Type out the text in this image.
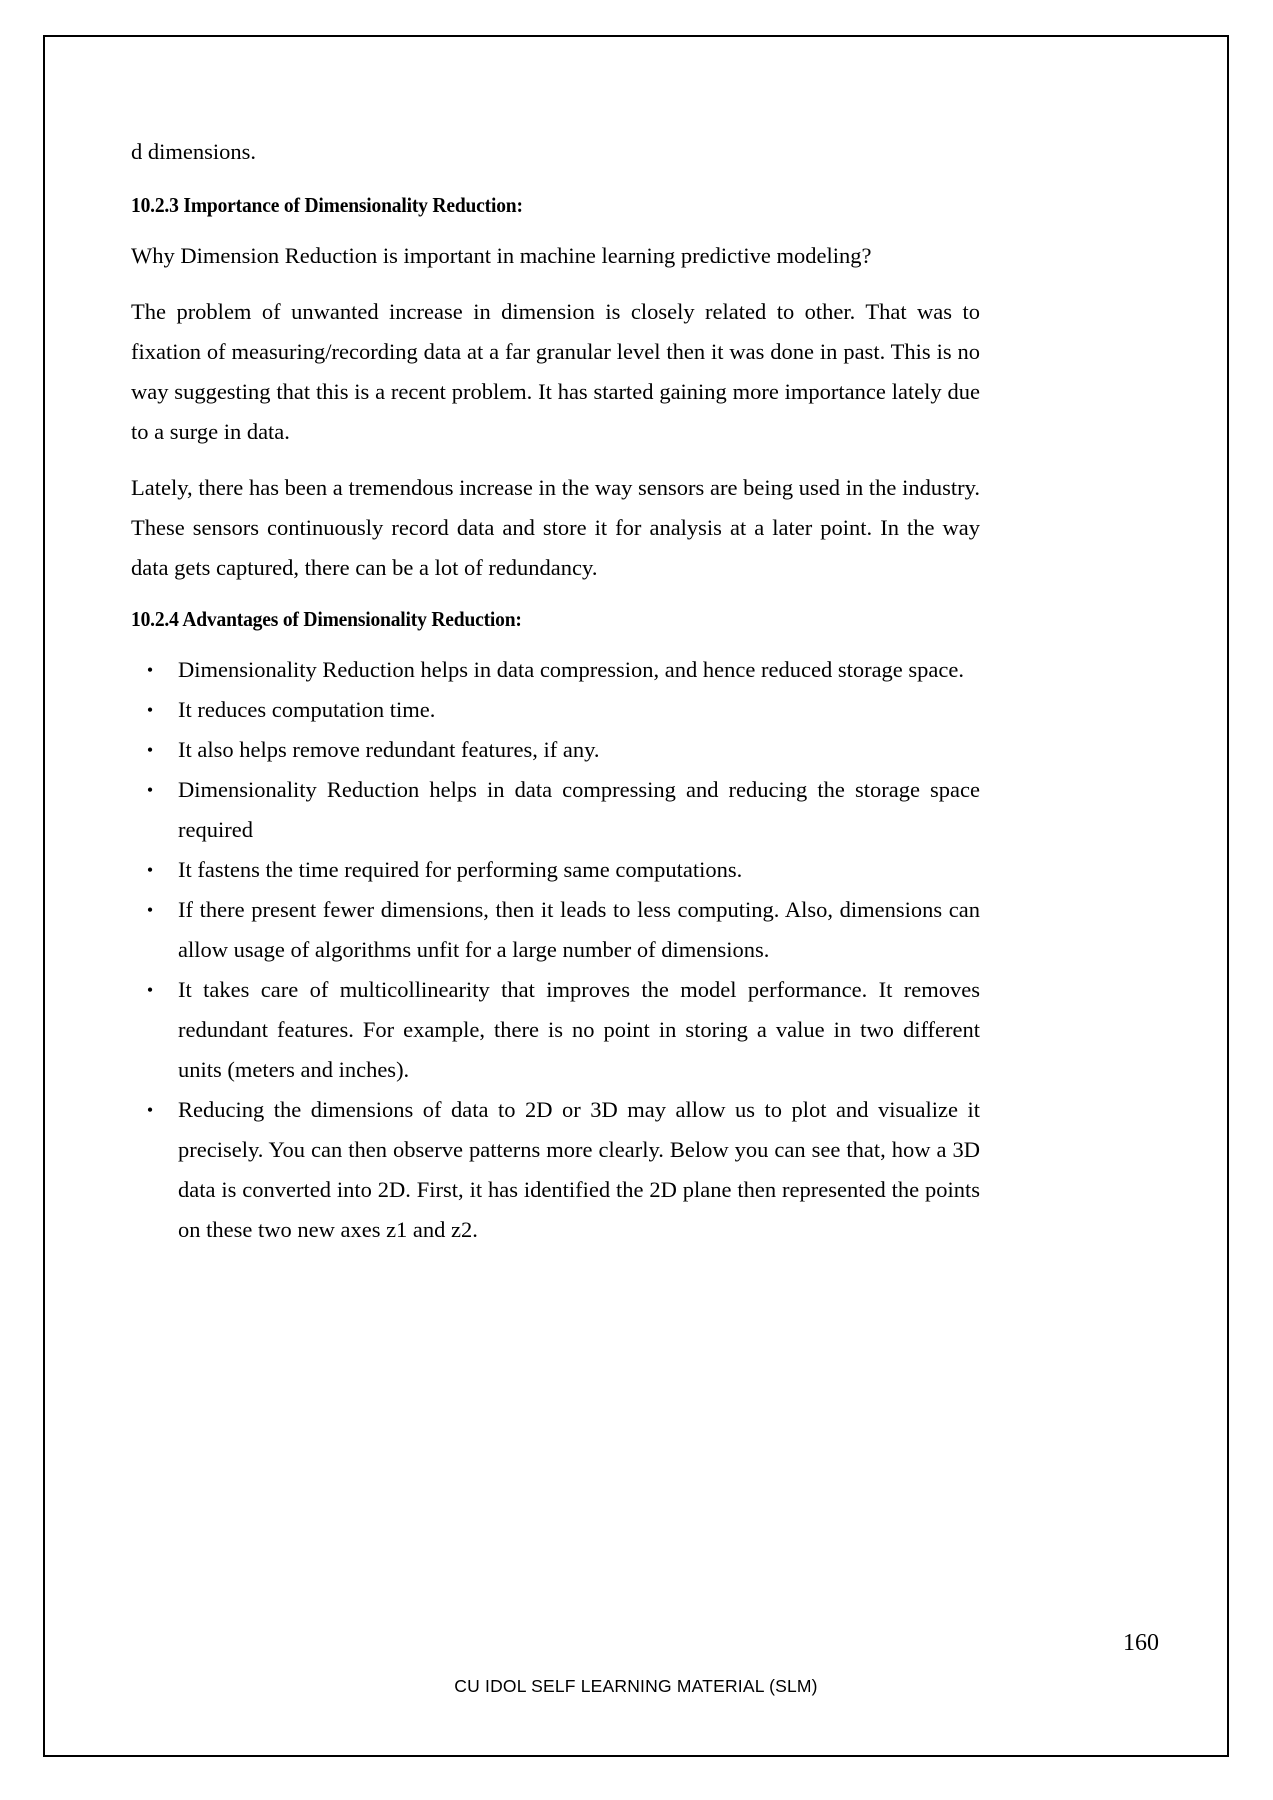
d dimensions.

10.2.3 Importance of Dimensionality Reduction:

Why Dimension Reduction is important in machine learning predictive modeling?

The problem of unwanted increase in dimension is closely related to other. That was to fixation of measuring/recording data at a far granular level then it was done in past. This is no way suggesting that this is a recent problem. It has started gaining more importance lately due to a surge in data.

Lately, there has been a tremendous increase in the way sensors are being used in the industry. These sensors continuously record data and store it for analysis at a later point. In the way data gets captured, there can be a lot of redundancy.

10.2.4 Advantages of Dimensionality Reduction:
• Dimensionality Reduction helps in data compression, and hence reduced storage space.
• It reduces computation time.
• It also helps remove redundant features, if any.
• Dimensionality Reduction helps in data compressing and reducing the storage space required
• It fastens the time required for performing same computations.
• If there present fewer dimensions, then it leads to less computing. Also, dimensions can allow usage of algorithms unfit for a large number of dimensions.
• It takes care of multicollinearity that improves the model performance. It removes redundant features. For example, there is no point in storing a value in two different units (meters and inches).
• Reducing the dimensions of data to 2D or 3D may allow us to plot and visualize it precisely. You can then observe patterns more clearly. Below you can see that, how a 3D data is converted into 2D. First, it has identified the 2D plane then represented the points on these two new axes z1 and z2.
160
CU IDOL SELF LEARNING MATERIAL (SLM)
